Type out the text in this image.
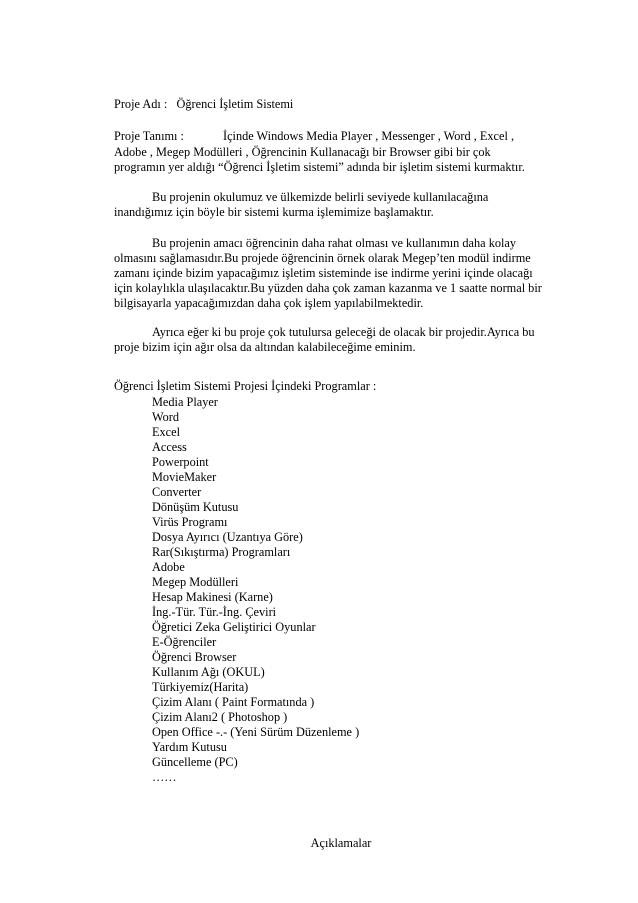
Proje Adı : Öğrenci İşletim Sistemi
Proje Tanımı :	İçinde Windows Media Player , Messenger , Word , Excel ,
Adobe , Megep Modülleri , Öğrencinin Kullanacağı bir Browser gibi bir çok
programın yer aldığı “Öğrenci İşletim sistemi” adında bir işletim sistemi kurmaktır.
Bu projenin okulumuz ve ülkemizde belirli seviyede kullanılacağına
inandığımız için böyle bir sistemi kurma işlemimize başlamaktır.
Bu projenin amacı öğrencinin daha rahat olması ve kullanımın daha kolay
olmasını sağlamasıdır.Bu projede öğrencinin örnek olarak Megep’ten modül indirme
zamanı içinde bizim yapacağımız işletim sisteminde ise indirme yerini içinde olacağı
için kolaylıkla ulaşılacaktır.Bu yüzden daha çok zaman kazanma ve 1 saatte normal bir
bilgisayarla yapacağımızdan daha çok işlem yapılabilmektedir.
Ayrıca eğer ki bu proje çok tutulursa geleceği de olacak bir projedir.Ayrıca bu
proje bizim için ağır olsa da altından kalabileceğime eminim.
Öğrenci İşletim Sistemi Projesi İçindeki Programlar :
Media Player
Word
Excel
Access
Powerpoint
MovieMaker
Converter
Dönüşüm Kutusu
Virüs Programı
Dosya Ayırıcı (Uzantıya Göre)
Rar(Sıkıştırma) Programları
Adobe
Megep Modülleri
Hesap Makinesi (Karne)
İng.-Tür. Tür.-İng. Çeviri
Öğretici Zeka Geliştirici Oyunlar
E-Öğrenciler
Öğrenci Browser
Kullanım Ağı (OKUL)
Türkiyemiz(Harita)
Çizim Alanı ( Paint Formatında )
Çizim Alanı2 ( Photoshop )
Open Office -.- (Yeni Sürüm Düzenleme )
Yardım Kutusu
Güncelleme (PC)
……
Açıklamalar
